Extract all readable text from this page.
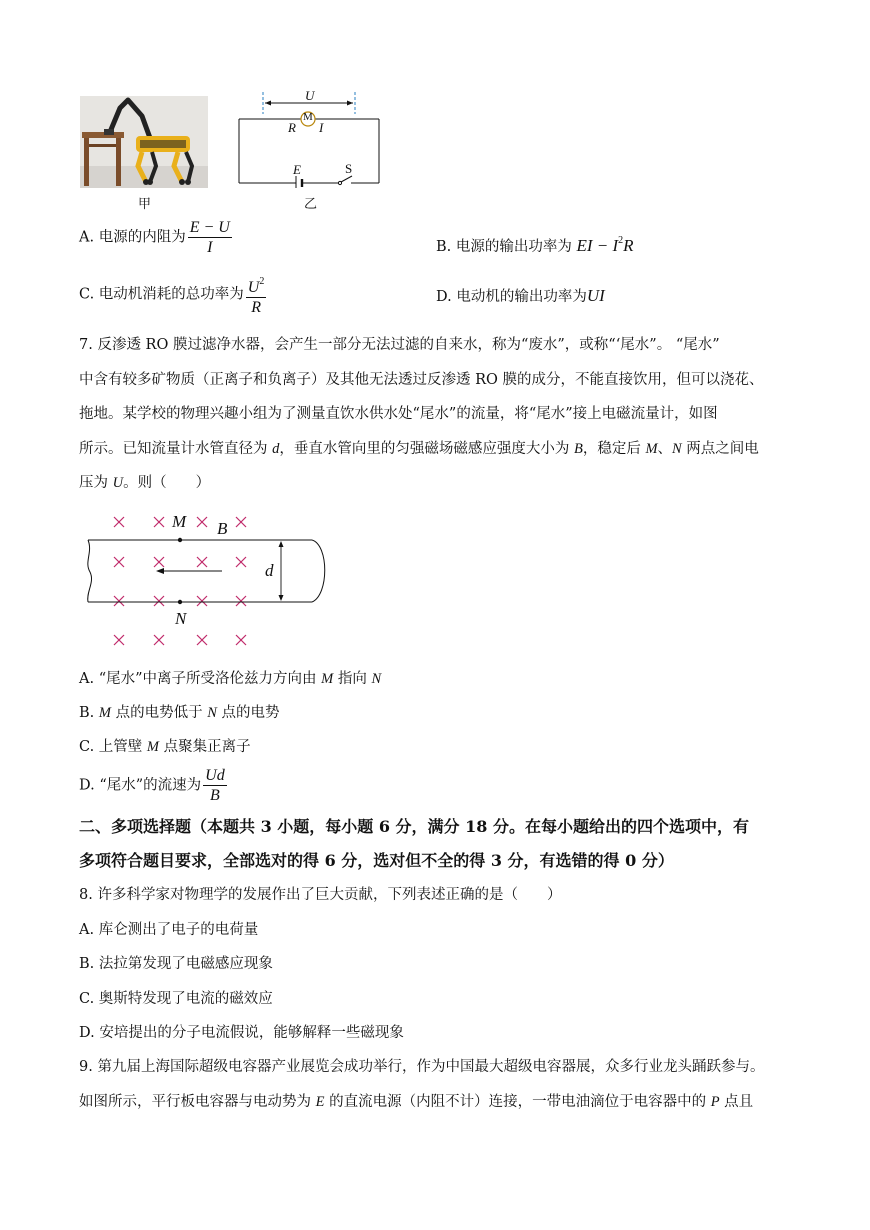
甲
U
R
M
I
E	S
乙
A. 电源的内阻为 $\frac{E - U}{I}$	B. 电源的输出功率为 EI − $I^2R$
C. 电动机消耗的总功率为 $\frac{U^2}{R}$	D. 电动机的输出功率为UI
7. 反渗透 RO 膜过滤净水器，会产生一部分无法过滤的自来水，称为“废水”，或称“‘尾水”。 “尾水”
中含有较多矿物质（正离子和负离子）及其他无法透过反渗透 RO 膜的成分，不能直接饮用，但可以浇花、
拖地。某学校的物理兴趣小组为了测量直饮水供水处“尾水”的流量，将“尾水”接上电磁流量计，如图
所示。已知流量计水管直径为 d，垂直水管向里的匀强磁场磁感应强度大小为 B，稳定后 M、N 两点之间电
压为 U。则（　　）
M B
d
N
A. “尾水”中离子所受洛伦兹力方向由 M 指向 N
B. M 点的电势低于 N 点的电势
C. 上管壁 M 点聚集正离子
D. “尾水”的流速为 $\frac{Ud}{B}$
二、多项选择题（本题共 3 小题，每小题 6 分，满分 18 分。在每小题给出的四个选项中，有
多项符合题目要求，全部选对的得 6 分，选对但不全的得 3 分，有选错的得 0 分）
8. 许多科学家对物理学的发展作出了巨大贡献，下列表述正确的是（　　）
A. 库仑测出了电子的电荷量
B. 法拉第发现了电磁感应现象
C. 奥斯特发现了电流的磁效应
D. 安培提出的分子电流假说，能够解释一些磁现象
9. 第九届上海国际超级电容器产业展览会成功举行，作为中国最大超级电容器展，众多行业龙头踊跃参与。
如图所示，平行板电容器与电动势为 E 的直流电源（内阻不计）连接，一带电油滴位于电容器中的 P 点且
